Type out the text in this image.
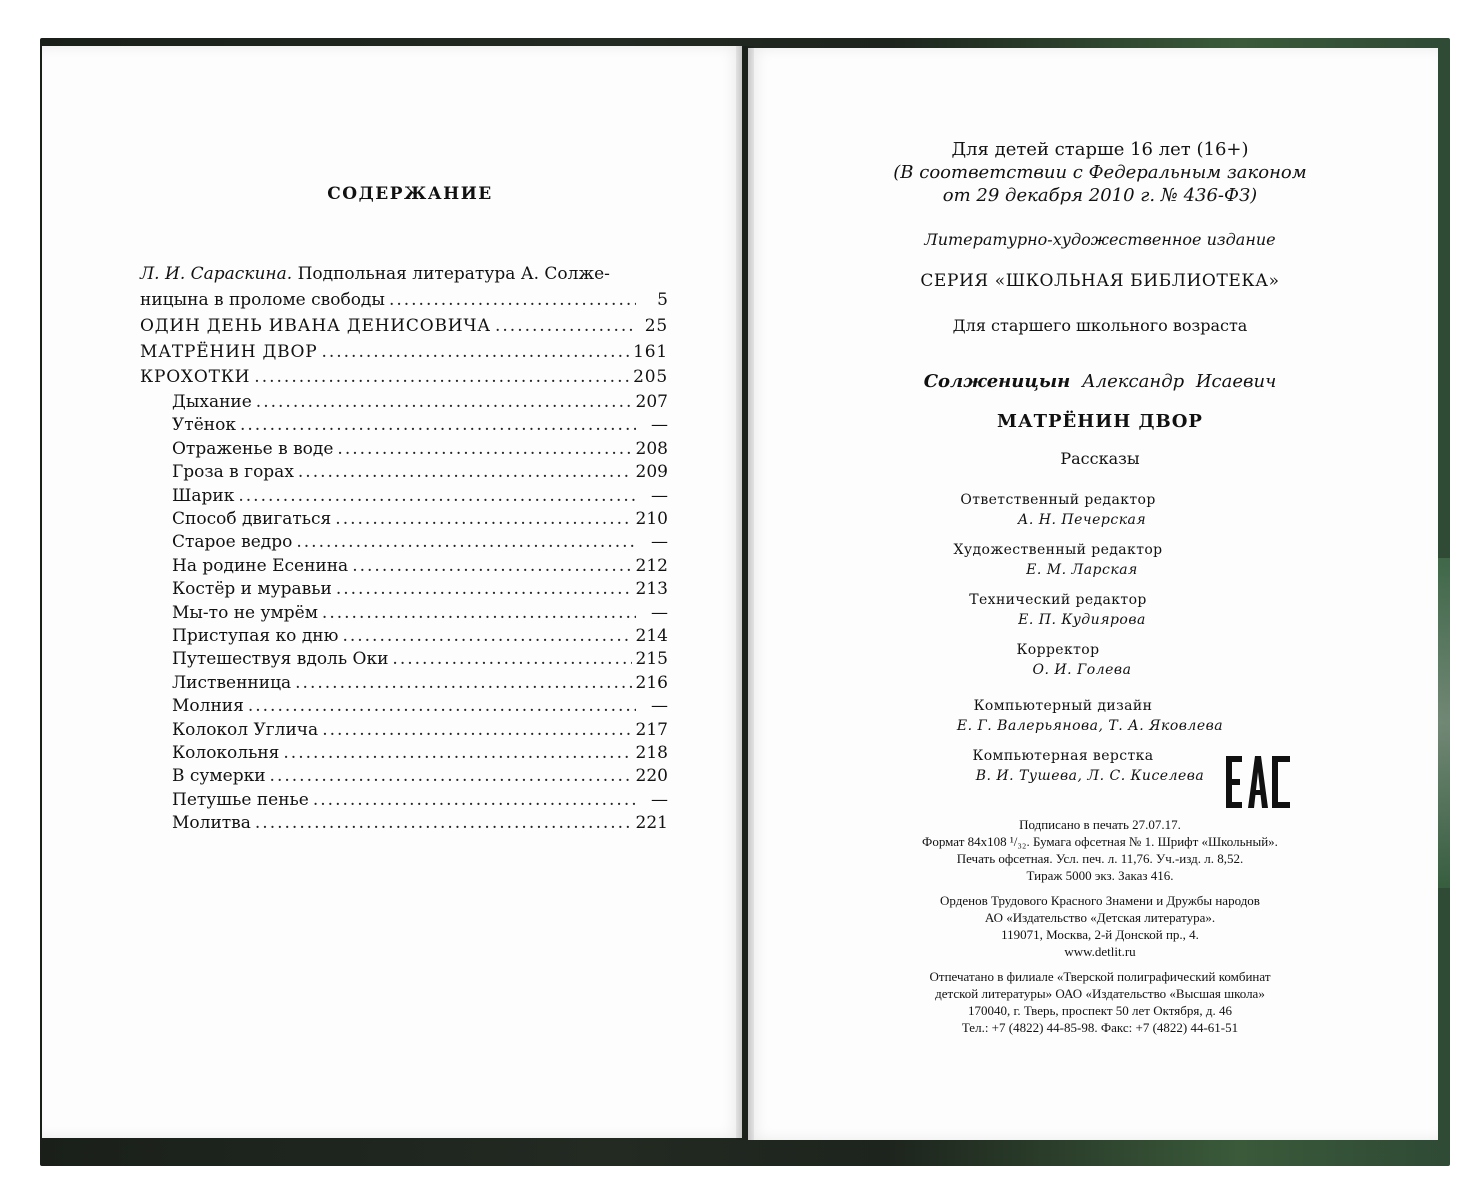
СОДЕРЖАНИЕ
Л. И. Сараскина. Подпольная литература А. Солже-
ницына в проломе свободы .....	5
ОДИН ДЕНЬ ИВАНА ДЕНИСОВИЧА .....	25
МАТРЁНИН ДВОР .....	161
КРОХОТКИ .....	205
Дыхание .....	207
Утёнок .....	—
Отраженье в воде .....	208
Гроза в горах .....	209
Шарик .....	—
Способ двигаться .....	210
Старое ведро .....	—
На родине Есенина .....	212
Костёр и муравьи .....	213
Мы-то не умрём .....	—
Приступая ко дню .....	214
Путешествуя вдоль Оки .....	215
Лиственница .....	216
Молния .....	—
Колокол Углича .....	217
Колокольня .....	218
В сумерки .....	220
Петушье пенье .....	—
Молитва .....	221
Для детей старше 16 лет (16+)
(В соответствии с Федеральным законом
от 29 декабря 2010 г. № 436-ФЗ)
Литературно-художественное издание
СЕРИЯ «ШКОЛЬНАЯ БИБЛИОТЕКА»
Для старшего школьного возраста
Солженицын Александр Исаевич
МАТРЁНИН ДВОР
Рассказы
Ответственный редактор
А. Н. Печерская
Художественный редактор
Е. М. Ларская
Технический редактор
Е. П. Кудиярова
Корректор
О. И. Голева
Компьютерный дизайн
Е. Г. Валерьянова, Т. А. Яковлева
Компьютерная верстка
В. И. Тушева, Л. С. Киселева
Подписано в печать 27.07.17.
Формат 84x108 ¹/₃₂. Бумага офсетная № 1. Шрифт «Школьный».
Печать офсетная. Усл. печ. л. 11,76. Уч.-изд. л. 8,52.
Тираж 5000 экз. Заказ 416.
Орденов Трудового Красного Знамени и Дружбы народов
АО «Издательство «Детская литература».
119071, Москва, 2-й Донской пр., 4.
www.detlit.ru
Отпечатано в филиале «Тверской полиграфический комбинат
детской литературы» ОАО «Издательство «Высшая школа»
170040, г. Тверь, проспект 50 лет Октября, д. 46
Тел.: +7 (4822) 44-85-98. Факс: +7 (4822) 44-61-51
